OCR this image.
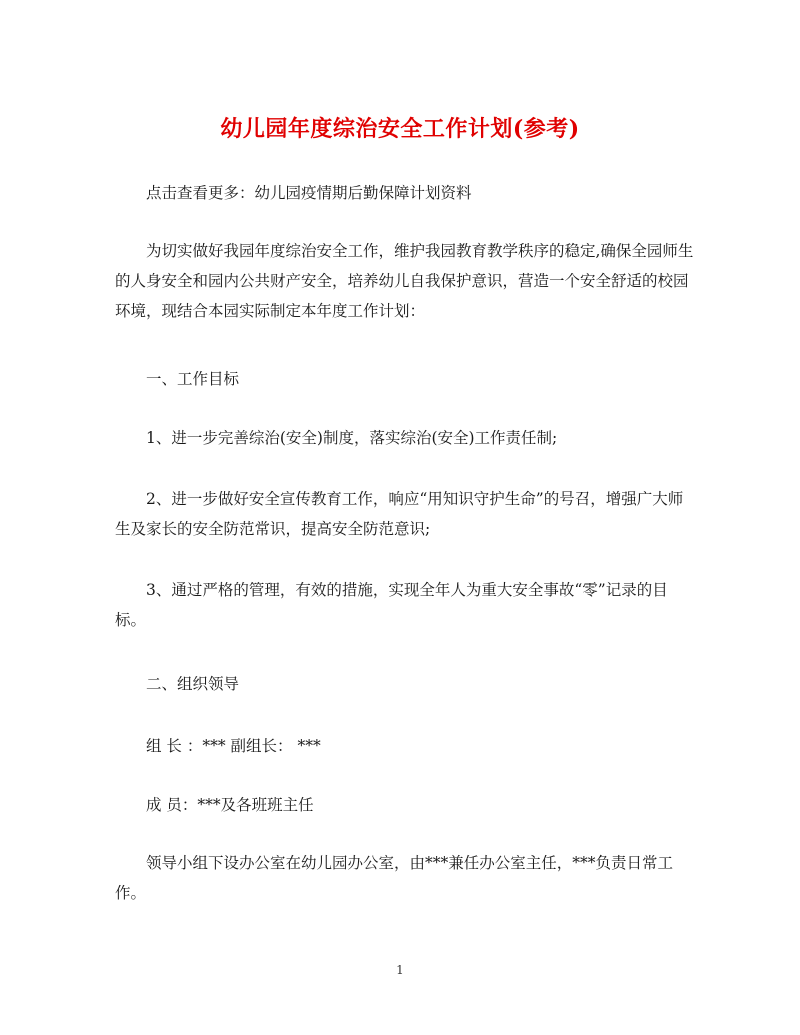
幼儿园年度综治安全工作计划(参考)
点击查看更多：幼儿园疫情期后勤保障计划资料

为切实做好我园年度综治安全工作，维护我园教育教学秩序的稳定,确保全园师生的人身安全和园内公共财产安全，培养幼儿自我保护意识，营造一个安全舒适的校园环境，现结合本园实际制定本年度工作计划：

一、工作目标

1、进一步完善综治(安全)制度，落实综治(安全)工作责任制;

2、进一步做好安全宣传教育工作，响应“用知识守护生命”的号召，增强广大师生及家长的安全防范常识，提高安全防范意识;

3、通过严格的管理，有效的措施，实现全年人为重大安全事故“零”记录的目标。

二、组织领导
组 长 ：*** 副组长： ***
成 员：***及各班班主任

领导小组下设办公室在幼儿园办公室，由***兼任办公室主任，***负责日常工作。

1
